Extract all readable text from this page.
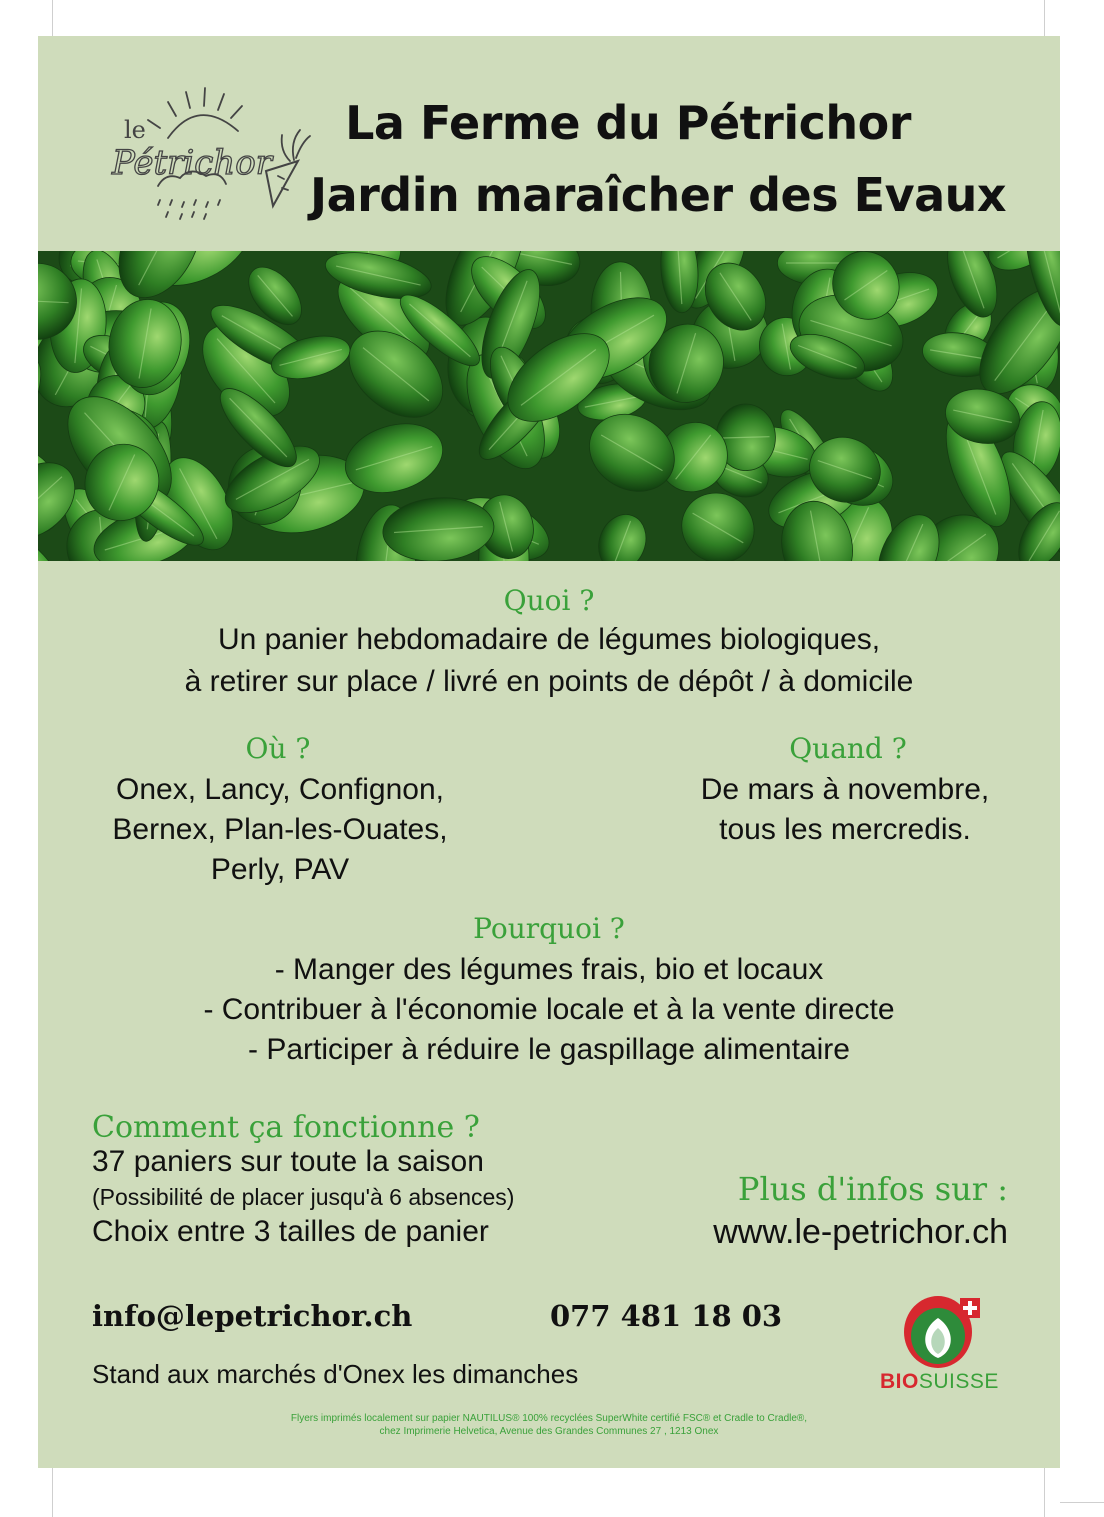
le
Pétrichor
La Ferme du Pétrichor
Jardin maraîcher des Evaux
Quoi ?
Un panier hebdomadaire de légumes biologiques,
à retirer sur place / livré en points de dépôt / à domicile
Où ?
Onex, Lancy, Confignon,
Bernex, Plan-les-Ouates,
Perly, PAV
Quand ?
De mars à novembre,
tous les mercredis.
Pourquoi ?
- Manger des légumes frais, bio et locaux
- Contribuer à l'économie locale et à la vente directe
- Participer à réduire le gaspillage alimentaire
Comment ça fonctionne ?
37 paniers sur toute la saison
(Possibilité de placer jusqu'à 6 absences)
Choix entre 3 tailles de panier
Plus d'infos sur :
www.le-petrichor.ch
info@lepetrichor.ch	077 481 18 03
Stand aux marchés d'Onex les dimanches	BIOSUISSE
Flyers imprimés localement sur papier NAUTILUS® 100% recyclées SuperWhite certifié FSC® et Cradle to Cradle®,
chez Imprimerie Helvetica, Avenue des Grandes Communes 27 , 1213 Onex
